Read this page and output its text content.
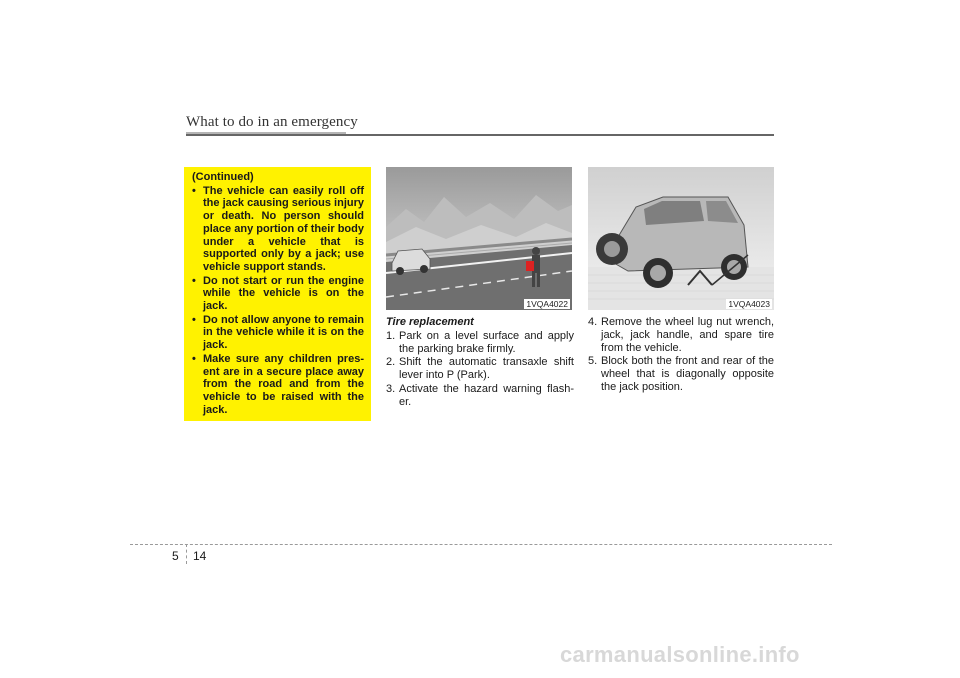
What to do in an emergency
(Continued)
• The vehicle can easily roll off the jack causing serious injury or death. No person should place any portion of their body under a vehicle that is supported only by a jack; use vehicle support stands.
• Do not start or run the engine while the vehicle is on the jack.
• Do not allow anyone to remain in the vehicle while it is on the jack.
• Make sure any children pres- ent are in a secure place away from the road and from the vehicle to be raised with the jack.
1VQA4022	1VQA4023
Tire replacement
1. Park on a level surface and apply the parking brake firmly.
2. Shift the automatic transaxle shift lever into P (Park).
3. Activate the hazard warning flash- er.
4. Remove the wheel lug nut wrench, jack, jack handle, and spare tire from the vehicle.
5. Block both the front and rear of the wheel that is diagonally opposite the jack position.
5 14
carmanualsonline.info
